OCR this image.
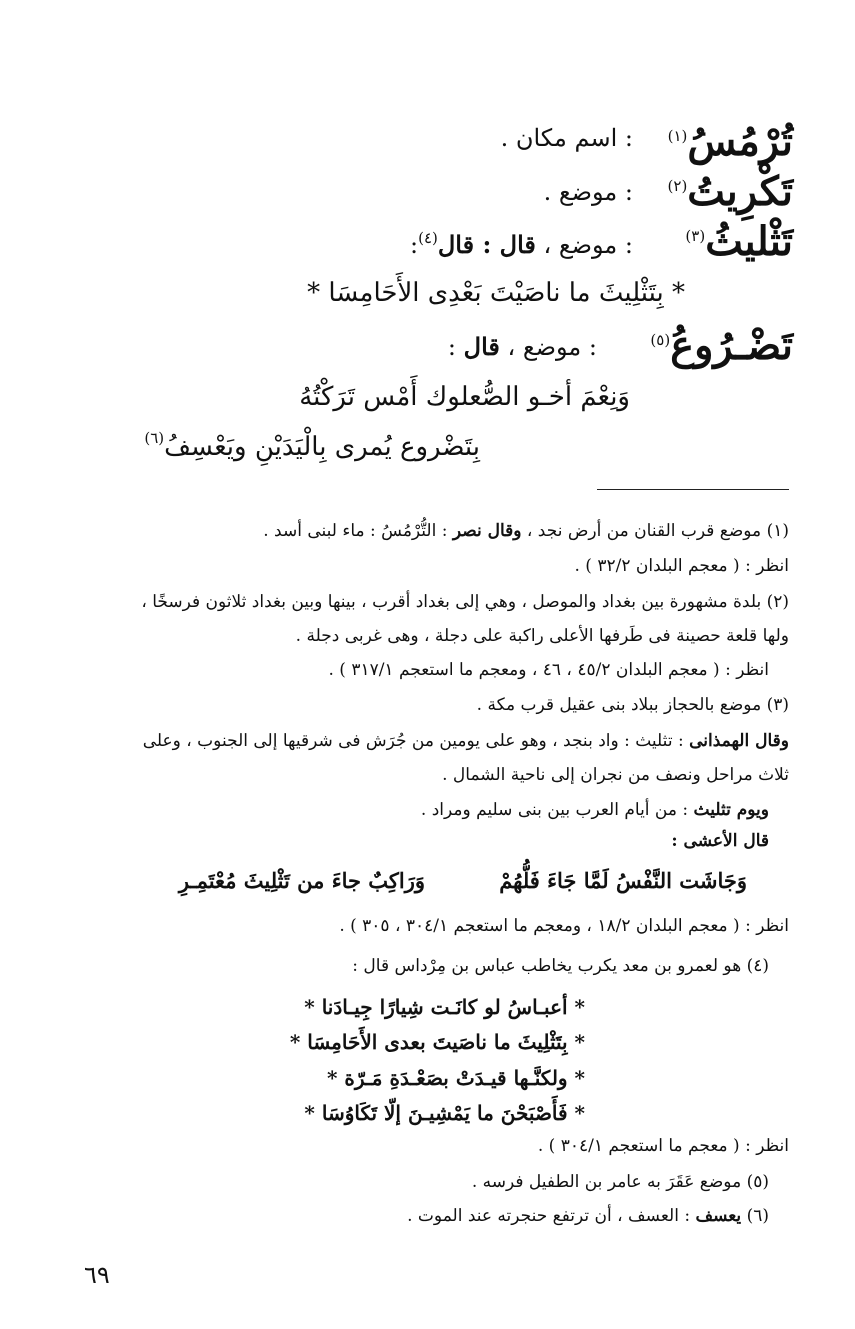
تُرْمُسُ(١)
: اسم مكان .
تَكْرِيتُ(٢)
: موضع .
تَثْليثُ(٣)
: موضع ، قال : قال$^{(٤)}$:
* بِتَثْلِيثَ ما ناصَيْتَ بَعْدِى الأَحَامِسَا *
تَضْـرُوعُ(٥)
: موضع ، قال :
وَنِعْمَ أخـو الصُّعلوك أَمْس تَرَكْتُهُ
بِتَضْروع يُمرى بِالْيَدَيْنِ ويَعْسِفُ$^{(٦)}$
(١) موضع قرب القنان من أرض نجد ، وقال نصر : التُّرْمُسُ : ماء لبنى أسد .
انظر : ( معجم البلدان ٣٢/٢ ) .
(٢) بلدة مشهورة بين بغداد والموصل ، وهي إلى بغداد أقرب ، بينها وبين بغداد ثلاثون فرسخًا ،
ولها قلعة حصينة فى طَرفها الأعلى راكبة على دجلة ، وهى غربى دجلة .
انظر : ( معجم البلدان ٤٥/٢ ، ٤٦ ، ومعجم ما استعجم ٣١٧/١ ) .
(٣) موضع بالحجاز ببلاد بنى عقيل قرب مكة .
وقال الهمذانى : تثليث : واد بنجد ، وهو على يومين من جُرَش فى شرقيها إلى الجنوب ، وعلى
ثلاث مراحل ونصف من نجران إلى ناحية الشمال .
ويوم تثليث : من أيام العرب بين بنى سليم ومراد .
قال الأعشى :
وَجَاشَت النَّفْسُ لَمَّا جَاءَ فَلُّهُمْ
وَرَاكِبٌ جاءَ من تَثْلِيثَ مُعْتَمِـرِ
انظر : ( معجم البلدان ١٨/٢ ، ومعجم ما استعجم ٣٠٤/١ ، ٣٠٥ ) .
(٤) هو لعمرو بن معد يكرب يخاطب عباس بن مِرْداس قال :
* أعبـاسُ لو كانَـت شِيارًا جِيـادَنا *
* بِتَثْلِيثَ ما ناصَيتَ بعدى الأَحَامِسَا *
* ولكنَّـها قيـدَتْ بصَعْـدَةِ مَـرّة *
* فَأَصْبَحْنَ ما يَمْشِيـنَ إلّا تَكَاوُسَا *
انظر : ( معجم ما استعجم ٣٠٤/١ ) .
(٥) موضع عَقَرَ به عامر بن الطفيل فرسه .
(٦) يعسف : العسف ، أن ترتفع حنجرته عند الموت .
٦٩
